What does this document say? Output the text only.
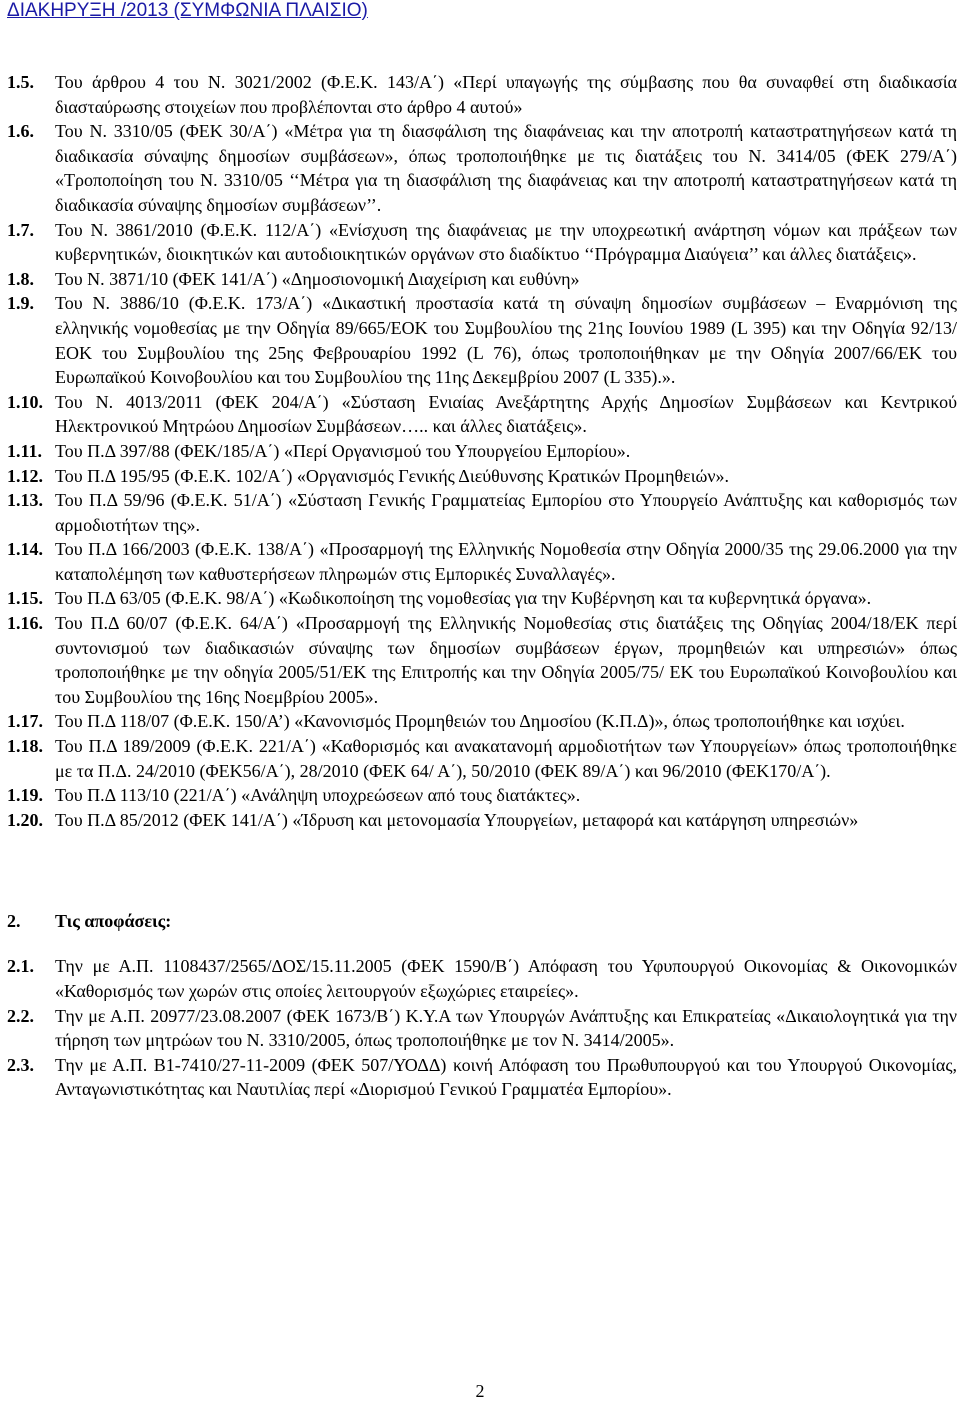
ΔΙΑΚΗΡΥΞΗ /2013 (ΣΥΜΦΩΝΙΑ ΠΛΑΙΣΙΟ)
1.5.	Του άρθρου 4 του Ν. 3021/2002 (Φ.Ε.Κ. 143/Α΄) «Περί υπαγωγής της σύμβασης που θα συναφθεί στη διαδικασία διασταύρωσης στοιχείων που προβλέπονται στο άρθρο 4 αυτού»
1.6.	Του Ν. 3310/05 (ΦΕΚ 30/Α΄) «Μέτρα για τη διασφάλιση της διαφάνειας και την αποτροπή καταστρατηγήσεων κατά τη διαδικασία σύναψης δημοσίων συμβάσεων», όπως τροποποιήθηκε με τις διατάξεις του Ν. 3414/05 (ΦΕΚ 279/Α΄) «Τροποποίηση του Ν. 3310/05 ‘‘Μέτρα για τη διασφάλιση της διαφάνειας και την αποτροπή καταστρατηγήσεων κατά τη διαδικασία σύναψης δημοσίων συμβάσεων’’.
1.7.	Του Ν. 3861/2010 (Φ.Ε.Κ. 112/Α΄) «Ενίσχυση της διαφάνειας με την υποχρεωτική ανάρτηση νόμων και πράξεων των κυβερνητικών, διοικητικών και αυτοδιοικητικών οργάνων στο διαδίκτυο ‘‘Πρόγραμμα Διαύγεια’’ και άλλες διατάξεις».
1.8.	Του Ν. 3871/10 (ΦΕΚ 141/Α΄) «Δημοσιονομική Διαχείριση και ευθύνη»
1.9.	Του Ν. 3886/10 (Φ.Ε.Κ. 173/Α΄) «Δικαστική προστασία κατά τη σύναψη δημοσίων συμβάσεων – Εναρμόνιση της ελληνικής νομοθεσίας με την Οδηγία 89/665/ΕΟΚ του Συμβουλίου της 21ης Ιουνίου 1989 (L 395) και την Οδηγία 92/13/ΕΟΚ του Συμβουλίου της 25ης Φεβρουαρίου 1992 (L 76), όπως τροποποιήθηκαν με την Οδηγία 2007/66/ΕΚ του Ευρωπαϊκού Κοινοβουλίου και του Συμβουλίου της 11ης Δεκεμβρίου 2007 (L 335).».
1.10. Του Ν. 4013/2011 (ΦΕΚ 204/Α΄) «Σύσταση Ενιαίας Ανεξάρτητης Αρχής Δημοσίων Συμβάσεων και Κεντρικού Ηλεκτρονικού Μητρώου Δημοσίων Συμβάσεων….. και άλλες διατάξεις».
1.11. Του Π.Δ 397/88 (ΦΕΚ/185/Α΄) «Περί Οργανισμού του Υπουργείου Εμπορίου».
1.12. Του Π.Δ 195/95 (Φ.Ε.Κ. 102/Α΄) «Οργανισμός Γενικής Διεύθυνσης Κρατικών Προμηθειών».
1.13. Του Π.Δ 59/96 (Φ.Ε.Κ. 51/Α΄) «Σύσταση Γενικής Γραμματείας Εμπορίου στο Υπουργείο Ανάπτυξης και καθορισμός των αρμοδιοτήτων της».
1.14. Του Π.Δ 166/2003 (Φ.Ε.Κ. 138/Α΄) «Προσαρμογή της Ελληνικής Νομοθεσία στην Οδηγία 2000/35 της 29.06.2000 για την καταπολέμηση των καθυστερήσεων πληρωμών στις Εμπορικές Συναλλαγές».
1.15. Του Π.Δ 63/05 (Φ.Ε.Κ. 98/Α΄) «Κωδικοποίηση της νομοθεσίας για την Κυβέρνηση και τα κυβερνητικά όργανα».
1.16. Του Π.Δ 60/07 (Φ.Ε.Κ. 64/Α΄) «Προσαρμογή της Ελληνικής Νομοθεσίας στις διατάξεις της Οδηγίας 2004/18/ΕΚ περί συντονισμού των διαδικασιών σύναψης των δημοσίων συμβάσεων έργων, προμηθειών και υπηρεσιών» όπως τροποποιήθηκε με την οδηγία 2005/51/ΕΚ της Επιτροπής και την Οδηγία 2005/75/ ΕΚ του Ευρωπαϊκού Κοινοβουλίου και του Συμβουλίου της 16ης Νοεμβρίου 2005».
1.17. Του Π.Δ 118/07 (Φ.Ε.Κ. 150/Α’) «Κανονισμός Προμηθειών του Δημοσίου (Κ.Π.Δ)», όπως τροποποιήθηκε και ισχύει.
1.18. Του Π.Δ 189/2009 (Φ.Ε.Κ. 221/Α΄) «Καθορισμός και ανακατανομή αρμοδιοτήτων των Υπουργείων» όπως τροποποιήθηκε με τα Π.Δ. 24/2010 (ΦΕΚ56/Α΄), 28/2010 (ΦΕΚ 64/ Α΄), 50/2010 (ΦΕΚ 89/Α΄) και 96/2010 (ΦΕΚ170/Α΄).
1.19. Του Π.Δ 113/10 (221/Α΄) «Ανάληψη υποχρεώσεων από τους διατάκτες».
1.20. Του Π.Δ 85/2012 (ΦΕΚ 141/Α΄) «Ίδρυση και μετονομασία Υπουργείων, μεταφορά και κατάργηση υπηρεσιών»
2.	Τις αποφάσεις:
2.1.	Την με Α.Π. 1108437/2565/ΔΟΣ/15.11.2005 (ΦΕΚ 1590/Β΄) Απόφαση του Υφυπουργού Οικονομίας & Οικονομικών «Καθορισμός των χωρών στις οποίες λειτουργούν εξωχώριες εταιρείες».
2.2.	Την με Α.Π. 20977/23.08.2007 (ΦΕΚ 1673/Β΄) Κ.Υ.Α των Υπουργών Ανάπτυξης και Επικρατείας «Δικαιολογητικά για την τήρηση των μητρώων του Ν. 3310/2005, όπως τροποποιήθηκε με τον Ν. 3414/2005».
2.3.	Την με Α.Π. Β1-7410/27-11-2009 (ΦΕΚ 507/ΥΟΔΔ) κοινή Απόφαση του Πρωθυπουργού και του Υπουργού Οικονομίας, Ανταγωνιστικότητας και Ναυτιλίας περί «Διορισμού Γενικού Γραμματέα Εμπορίου».
2
